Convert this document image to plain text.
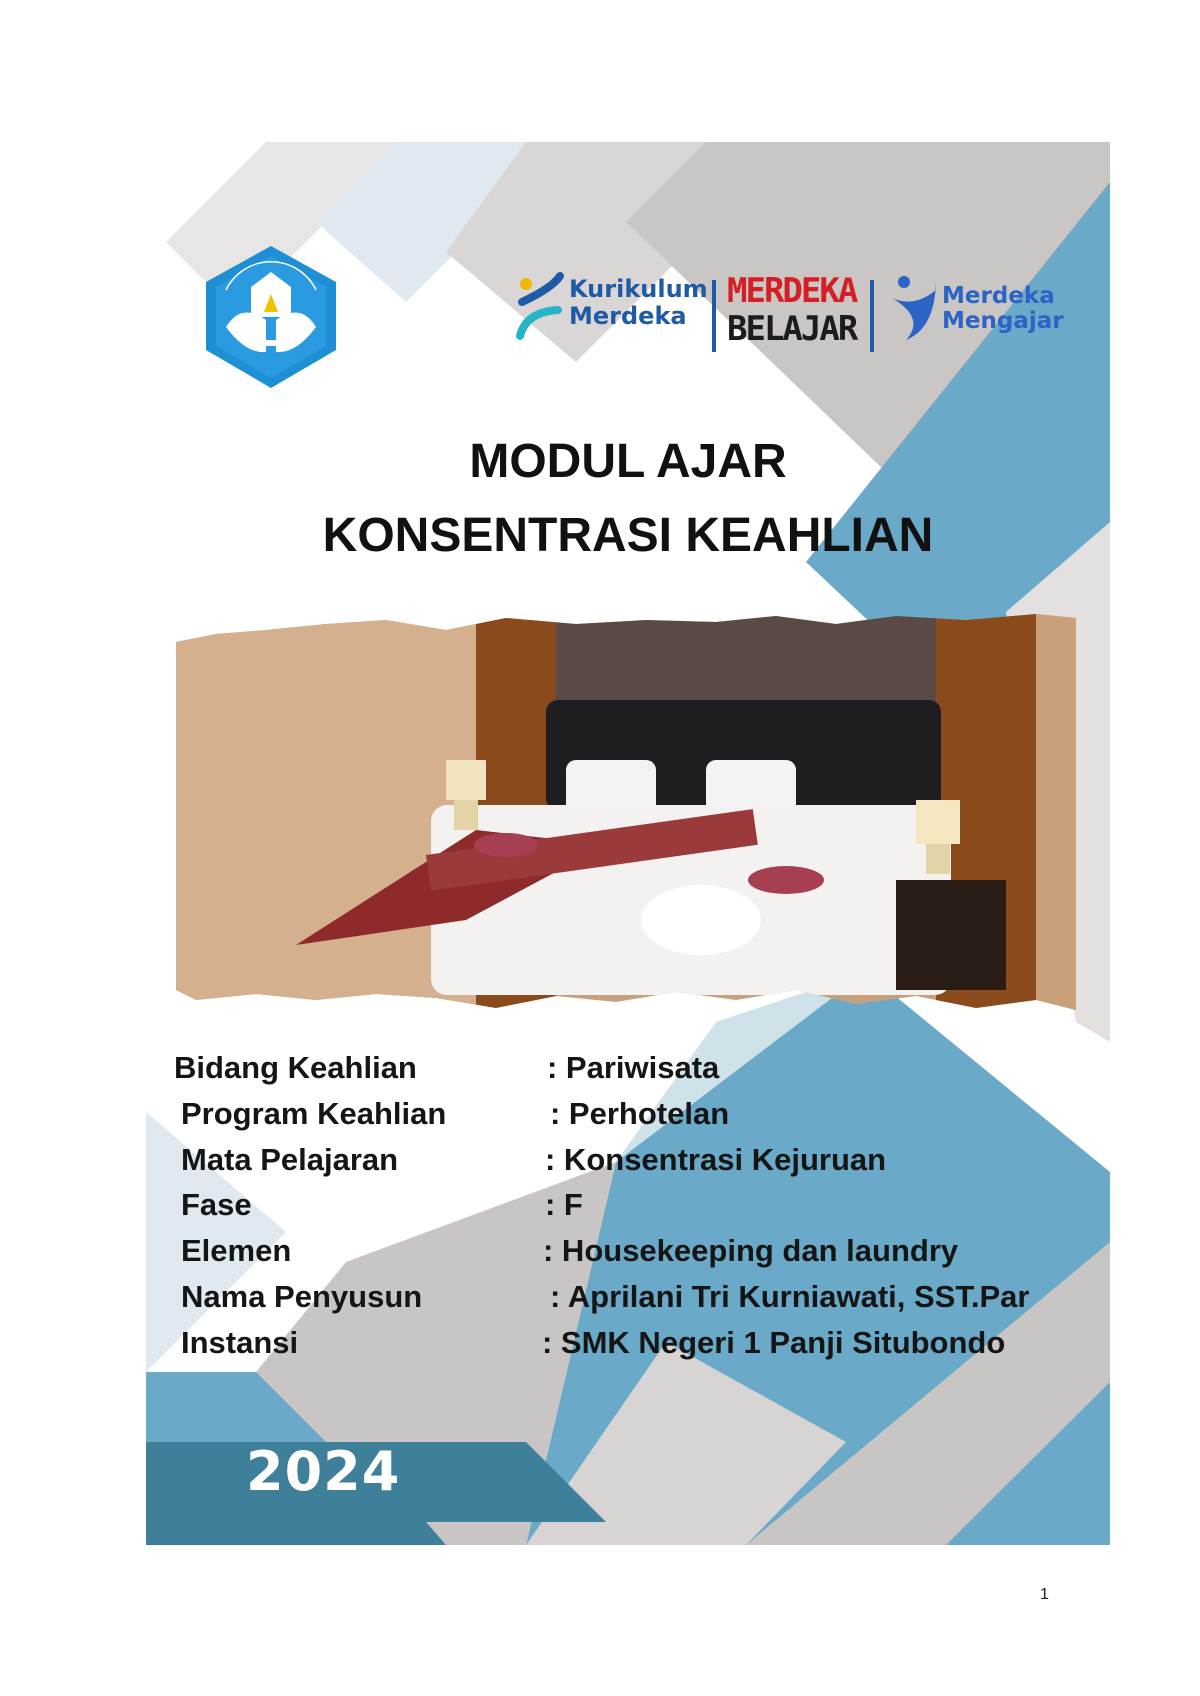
Kurikulum
Merdeka
MERDEKA
BELAJAR
Merdeka
Mengajar
MODUL AJAR
KONSENTRASI KEAHLIAN
Bidang Keahlian	: Pariwisata
Program Keahlian	: Perhotelan
Mata Pelajaran	: Konsentrasi Kejuruan
Fase	: F
Elemen	: Housekeeping dan laundry
Nama Penyusun	: Aprilani Tri Kurniawati, SST.Par
Instansi	: SMK Negeri 1 Panji Situbondo
2024
1
